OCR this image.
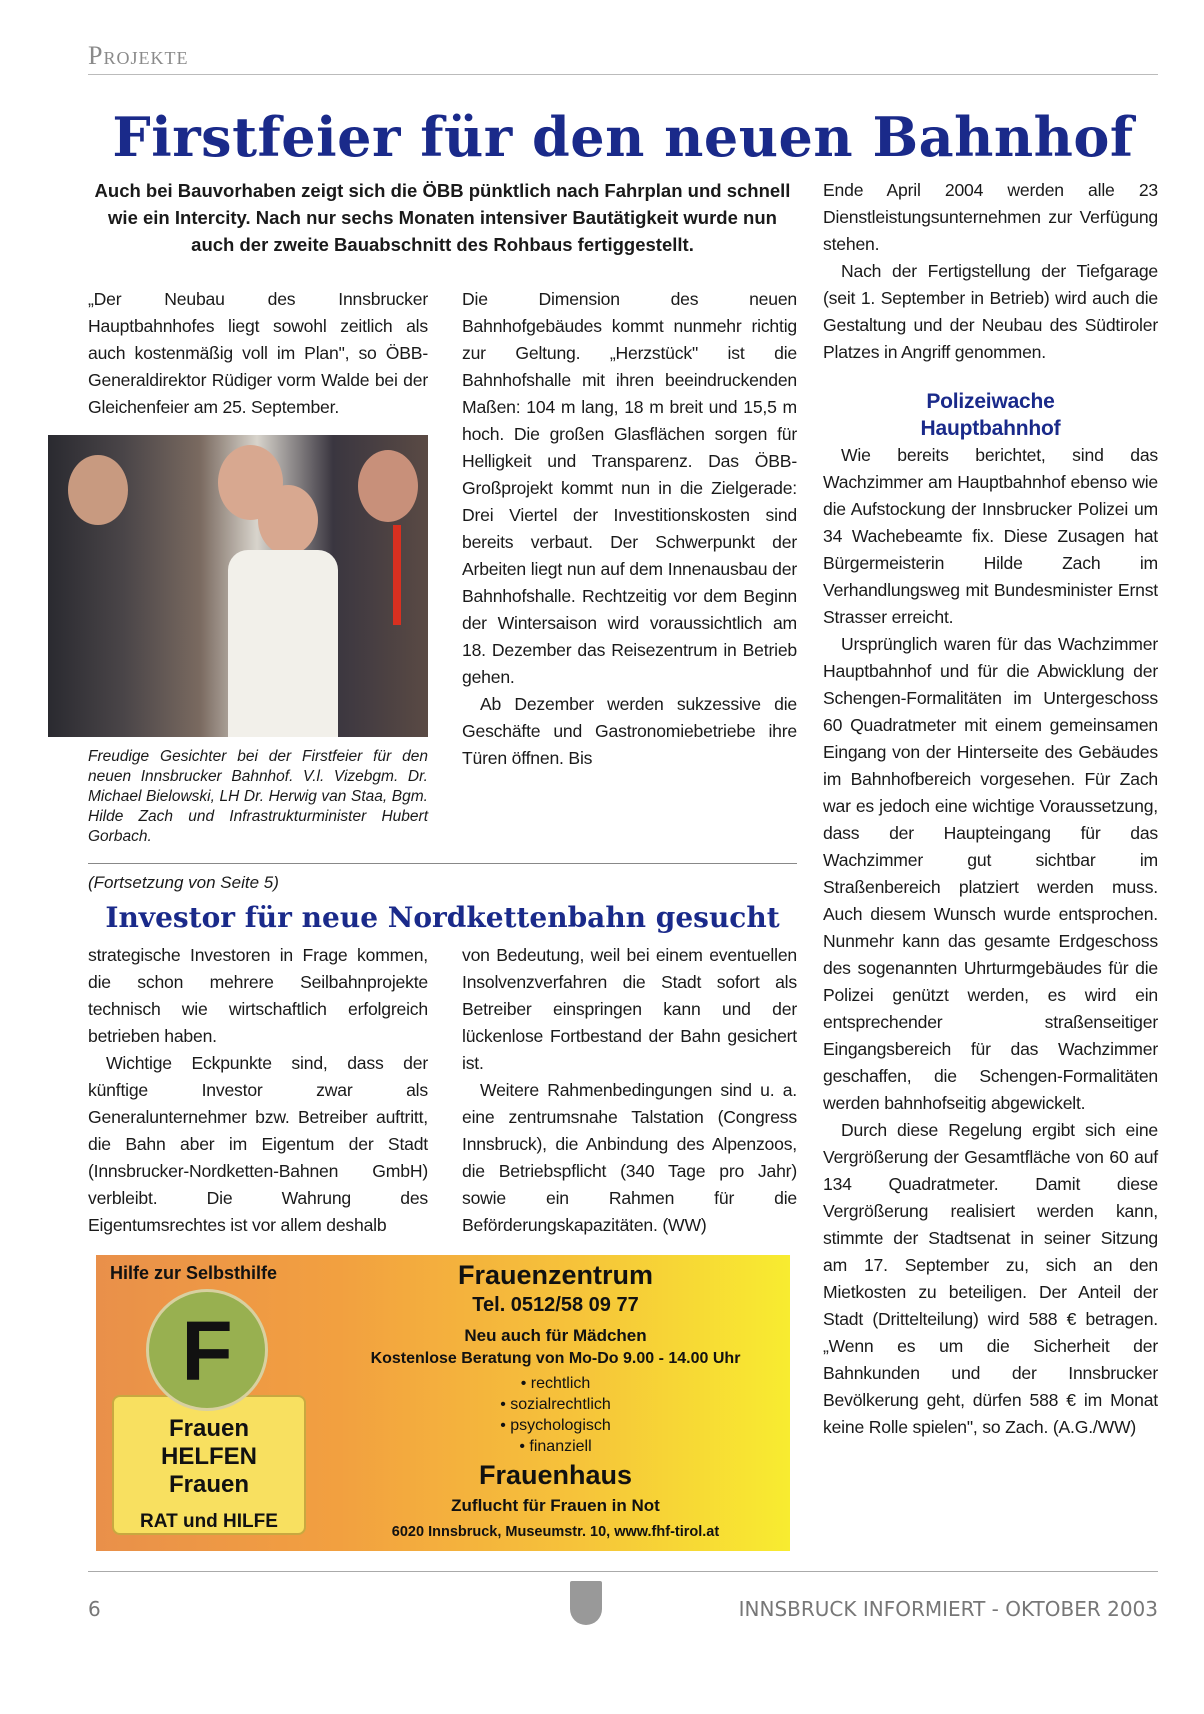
Projekte
Firstfeier für den neuen Bahnhof
Auch bei Bauvorhaben zeigt sich die ÖBB pünktlich nach Fahrplan und schnell wie ein Intercity. Nach nur sechs Monaten intensiver Bautätigkeit wurde nun auch der zweite Bauabschnitt des Rohbaus fertiggestellt.

„Der Neubau des Innsbrucker Hauptbahnhofes liegt sowohl zeitlich als auch kostenmäßig voll im Plan", so ÖBB-Generaldirektor Rüdiger vorm Walde bei der Gleichenfeier am 25. September.

Freudige Gesichter bei der Firstfeier für den neuen Innsbrucker Bahnhof. V.l. Vizebgm. Dr. Michael Bielowski, LH Dr. Herwig van Staa, Bgm. Hilde Zach und Infrastrukturminister Hubert Gorbach.

Die Dimension des neuen Bahnhofgebäudes kommt nunmehr richtig zur Geltung. „Herzstück" ist die Bahnhofshalle mit ihren beeindruckenden Maßen: 104 m lang, 18 m breit und 15,5 m hoch. Die großen Glasflächen sorgen für Helligkeit und Transparenz. Das ÖBB-Großprojekt kommt nun in die Zielgerade: Drei Viertel der Investitionskosten sind bereits verbaut. Der Schwerpunkt der Arbeiten liegt nun auf dem Innenausbau der Bahnhofshalle. Rechtzeitig vor dem Beginn der Wintersaison wird voraussichtlich am 18. Dezember das Reisezentrum in Betrieb gehen.

Ab Dezember werden sukzessive die Geschäfte und Gastronomiebetriebe ihre Türen öffnen. Bis

(Fortsetzung von Seite 5)
Investor für neue Nordkettenbahn gesucht

strategische Investoren in Frage kommen, die schon mehrere Seilbahnprojekte technisch wie wirtschaftlich erfolgreich betrieben haben.

Wichtige Eckpunkte sind, dass der künftige Investor zwar als Generalunternehmer bzw. Betreiber auftritt, die Bahn aber im Eigentum der Stadt (Innsbrucker-Nordketten-Bahnen GmbH) verbleibt. Die Wahrung des Eigentumsrechtes ist vor allem deshalb

von Bedeutung, weil bei einem eventuellen Insolvenzverfahren die Stadt sofort als Betreiber einspringen kann und der lückenlose Fortbestand der Bahn gesichert ist.

Weitere Rahmenbedingungen sind u. a. eine zentrumsnahe Talstation (Congress Innsbruck), die Anbindung des Alpenzoos, die Betriebspflicht (340 Tage pro Jahr) sowie ein Rahmen für die Beförderungskapazitäten. (WW)

Hilfe zur Selbsthilfe
F
Frauen
HELFEN
Frauen
RAT und HILFE
Frauenzentrum
Tel. 0512/58 09 77
Neu auch für Mädchen
Kostenlose Beratung von Mo-Do 9.00 - 14.00 Uhr
• rechtlich
• sozialrechtlich
• psychologisch
• finanziell
Frauenhaus
Zuflucht für Frauen in Not
6020 Innsbruck, Museumstr. 10, www.fhf-tirol.at

Ende April 2004 werden alle 23 Dienstleistungsunternehmen zur Verfügung stehen.

Nach der Fertigstellung der Tiefgarage (seit 1. September in Betrieb) wird auch die Gestaltung und der Neubau des Südtiroler Platzes in Angriff genommen.

Polizeiwache Hauptbahnhof

Wie bereits berichtet, sind das Wachzimmer am Hauptbahnhof ebenso wie die Aufstockung der Innsbrucker Polizei um 34 Wachebeamte fix. Diese Zusagen hat Bürgermeisterin Hilde Zach im Verhandlungsweg mit Bundesminister Ernst Strasser erreicht.

Ursprünglich waren für das Wachzimmer Hauptbahnhof und für die Abwicklung der Schengen-Formalitäten im Untergeschoss 60 Quadratmeter mit einem gemeinsamen Eingang von der Hinterseite des Gebäudes im Bahnhofbereich vorgesehen. Für Zach war es jedoch eine wichtige Voraussetzung, dass der Haupteingang für das Wachzimmer gut sichtbar im Straßenbereich platziert werden muss. Auch diesem Wunsch wurde entsprochen. Nunmehr kann das gesamte Erdgeschoss des sogenannten Uhrturmgebäudes für die Polizei genützt werden, es wird ein entsprechender straßenseitiger Eingangsbereich für das Wachzimmer geschaffen, die Schengen-Formalitäten werden bahnhofseitig abgewickelt.

Durch diese Regelung ergibt sich eine Vergrößerung der Gesamtfläche von 60 auf 134 Quadratmeter. Damit diese Vergrößerung realisiert werden kann, stimmte der Stadtsenat in seiner Sitzung am 17. September zu, sich an den Mietkosten zu beteiligen. Der Anteil der Stadt (Drittelteilung) wird 588 € betragen. „Wenn es um die Sicherheit der Bahnkunden und der Innsbrucker Bevölkerung geht, dürfen 588 € im Monat keine Rolle spielen", so Zach. (A.G./WW)

6	INNSBRUCK INFORMIERT - OKTOBER 2003
